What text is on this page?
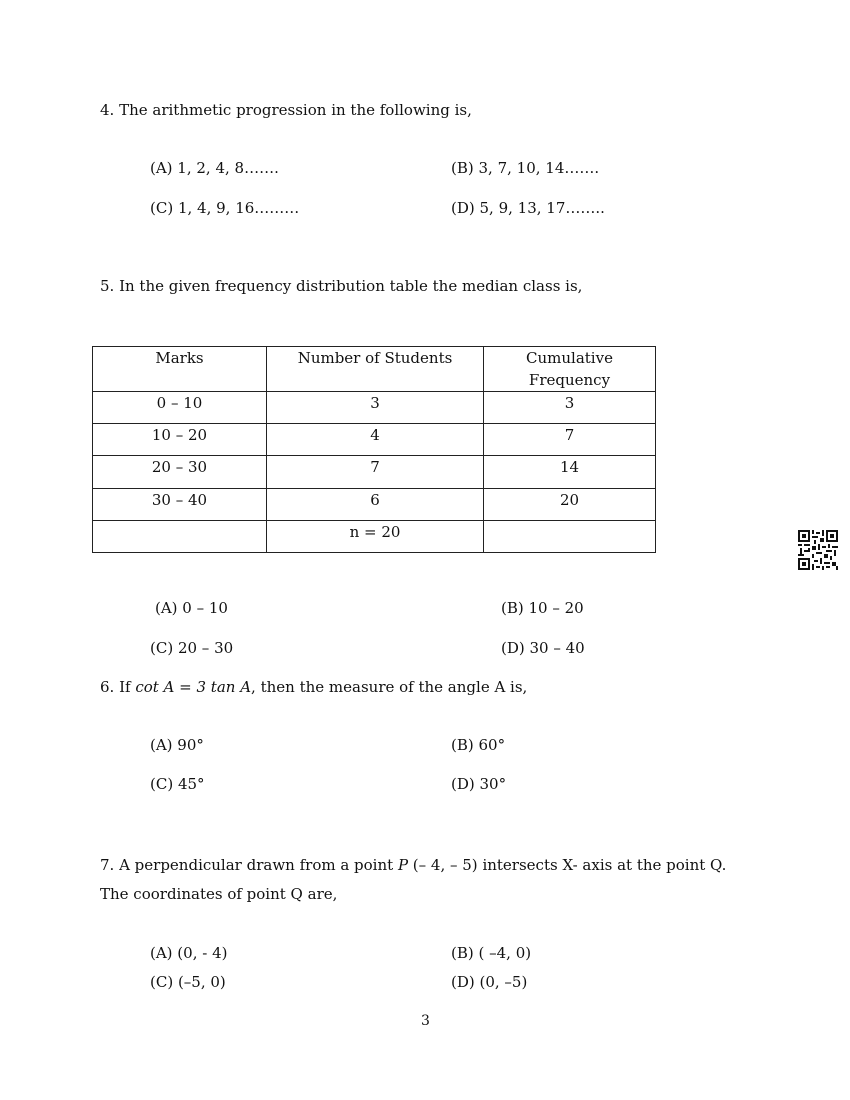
4. The arithmetic progression in the following is,
(A) 1, 2, 4, 8…….	(B) 3, 7, 10, 14…….
(C) 1, 4, 9, 16………	(D) 5, 9, 13, 17……..
5. In the given frequency distribution table the median class is,
Marks	Number of Students	Cumulative Frequency

0 – 10	3	3
10 – 20	4	7
20 – 30	7	14
30 – 40	6	20
	n = 20	
(A) 0 – 10	(B) 10 – 20
(C) 20 – 30	(D) 30 – 40
6. If cot A = 3 tan A, then the measure of the angle A is,
(A) 90°	(B) 60°
(C) 45°	(D) 30°
7. A perpendicular drawn from a point P (– 4, – 5) intersects X- axis at the point Q.
The coordinates of point Q are,
(A) (0, - 4)	(B) ( –4, 0)
(C) (–5, 0)	(D) (0, –5)
3
